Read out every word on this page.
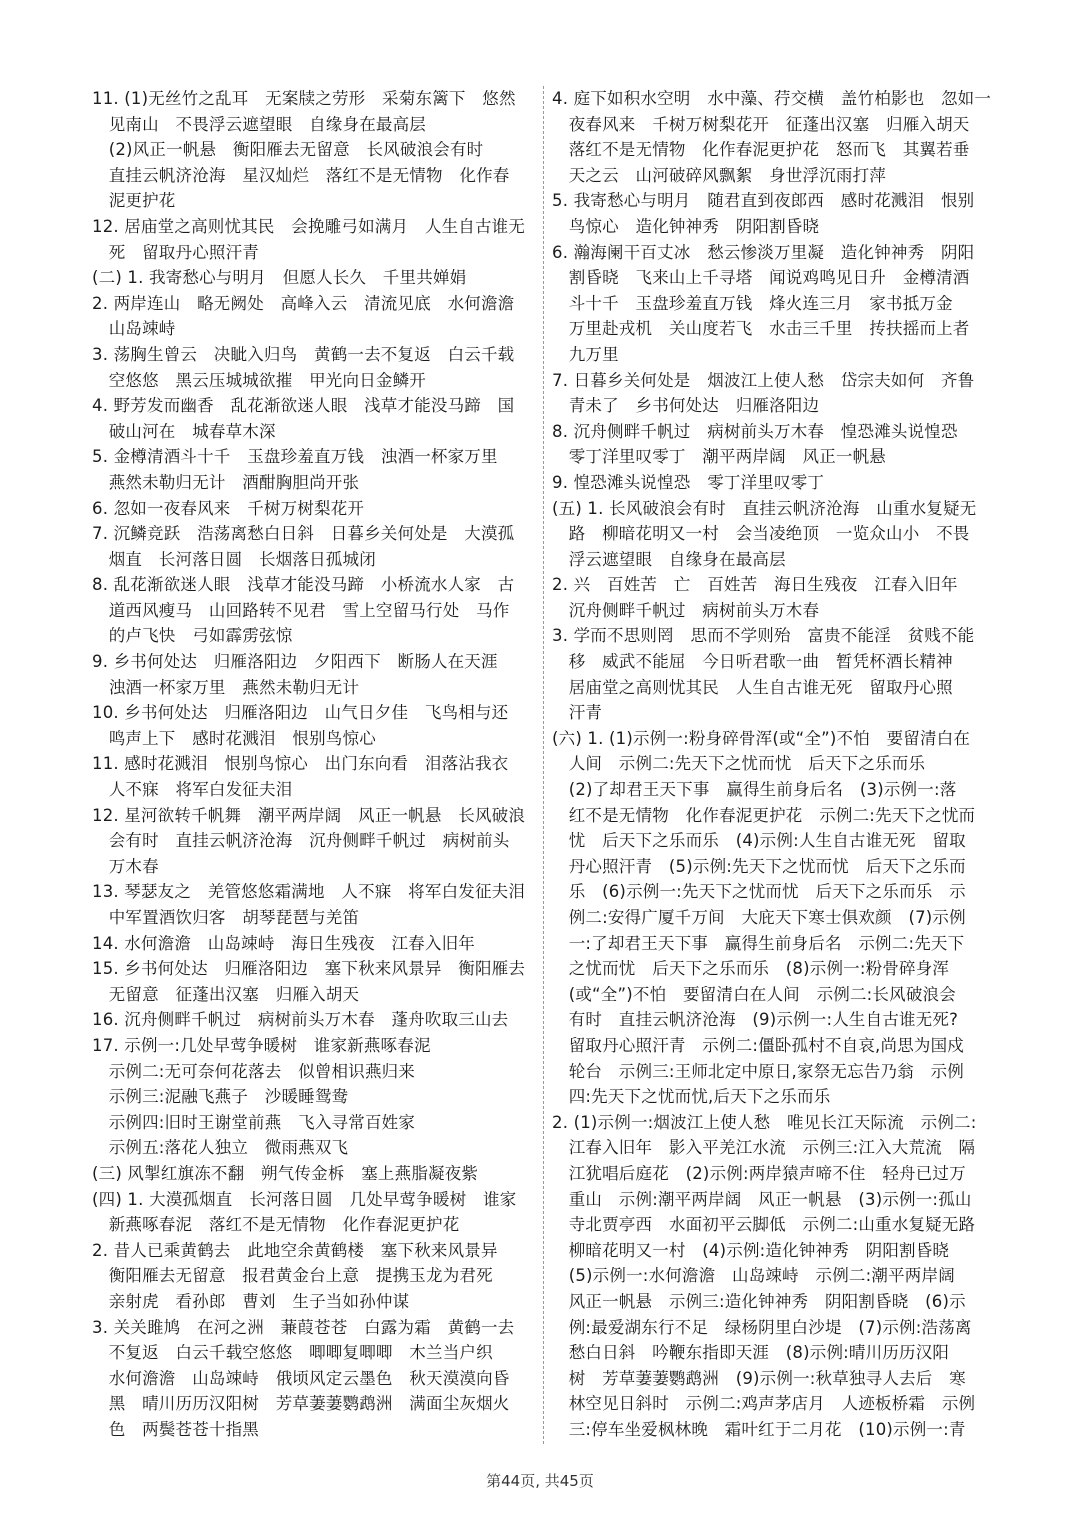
11. (1)无丝竹之乱耳　无案牍之劳形　采菊东篱下　悠然
　见南山　不畏浮云遮望眼　自缘身在最高层
　(2)风正一帆悬　衡阳雁去无留意　长风破浪会有时
　直挂云帆济沧海　星汉灿烂　落红不是无情物　化作春
　泥更护花
12. 居庙堂之高则忧其民　会挽雕弓如满月　人生自古谁无
　死　留取丹心照汗青
(二) 1. 我寄愁心与明月　但愿人长久　千里共婵娟
2. 两岸连山　略无阙处　高峰入云　清流见底　水何澹澹
　山岛竦峙
3. 荡胸生曾云　决眦入归鸟　黄鹤一去不复返　白云千载
　空悠悠　黑云压城城欲摧　甲光向日金鳞开
4. 野芳发而幽香　乱花渐欲迷人眼　浅草才能没马蹄　国
　破山河在　城春草木深
5. 金樽清酒斗十千　玉盘珍羞直万钱　浊酒一杯家万里
　燕然未勒归无计　酒酣胸胆尚开张
6. 忽如一夜春风来　千树万树梨花开
7. 沉鳞竞跃　浩荡离愁白日斜　日暮乡关何处是　大漠孤
　烟直　长河落日圆　长烟落日孤城闭
8. 乱花渐欲迷人眼　浅草才能没马蹄　小桥流水人家　古
　道西风瘦马　山回路转不见君　雪上空留马行处　马作
　的卢飞快　弓如霹雳弦惊
9. 乡书何处达　归雁洛阳边　夕阳西下　断肠人在天涯
　浊酒一杯家万里　燕然未勒归无计
10. 乡书何处达　归雁洛阳边　山气日夕佳　飞鸟相与还
　鸣声上下　感时花溅泪　恨别鸟惊心
11. 感时花溅泪　恨别鸟惊心　出门东向看　泪落沾我衣
　人不寐　将军白发征夫泪
12. 星河欲转千帆舞　潮平两岸阔　风正一帆悬　长风破浪
　会有时　直挂云帆济沧海　沉舟侧畔千帆过　病树前头
　万木春
13. 琴瑟友之　羌管悠悠霜满地　人不寐　将军白发征夫泪
　中军置酒饮归客　胡琴琵琶与羌笛
14. 水何澹澹　山岛竦峙　海日生残夜　江春入旧年
15. 乡书何处达　归雁洛阳边　塞下秋来风景异　衡阳雁去
　无留意　征蓬出汉塞　归雁入胡天
16. 沉舟侧畔千帆过　病树前头万木春　蓬舟吹取三山去
17. 示例一:几处早莺争暖树　谁家新燕啄春泥
　示例二:无可奈何花落去　似曾相识燕归来
　示例三:泥融飞燕子　沙暖睡鸳鸯
　示例四:旧时王谢堂前燕　飞入寻常百姓家
　示例五:落花人独立　微雨燕双飞
(三) 风掣红旗冻不翻　朔气传金柝　塞上燕脂凝夜紫
(四) 1. 大漠孤烟直　长河落日圆　几处早莺争暖树　谁家
　新燕啄春泥　落红不是无情物　化作春泥更护花
2. 昔人已乘黄鹤去　此地空余黄鹤楼　塞下秋来风景异
　衡阳雁去无留意　报君黄金台上意　提携玉龙为君死
　亲射虎　看孙郎　曹刘　生子当如孙仲谋
3. 关关雎鸠　在河之洲　蒹葭苍苍　白露为霜　黄鹤一去
　不复返　白云千载空悠悠　唧唧复唧唧　木兰当户织
　水何澹澹　山岛竦峙　俄顷风定云墨色　秋天漠漠向昏
　黑　晴川历历汉阳树　芳草萋萋鹦鹉洲　满面尘灰烟火
　色　两鬓苍苍十指黑
4. 庭下如积水空明　水中藻、荇交横　盖竹柏影也　忽如一
　夜春风来　千树万树梨花开　征蓬出汉塞　归雁入胡天
　落红不是无情物　化作春泥更护花　怒而飞　其翼若垂
　天之云　山河破碎风飘絮　身世浮沉雨打萍
5. 我寄愁心与明月　随君直到夜郎西　感时花溅泪　恨别
　鸟惊心　造化钟神秀　阴阳割昏晓
6. 瀚海阑干百丈冰　愁云惨淡万里凝　造化钟神秀　阴阳
　割昏晓　飞来山上千寻塔　闻说鸡鸣见日升　金樽清酒
　斗十千　玉盘珍羞直万钱　烽火连三月　家书抵万金
　万里赴戎机　关山度若飞　水击三千里　抟扶摇而上者
　九万里
7. 日暮乡关何处是　烟波江上使人愁　岱宗夫如何　齐鲁
　青未了　乡书何处达　归雁洛阳边
8. 沉舟侧畔千帆过　病树前头万木春　惶恐滩头说惶恐
　零丁洋里叹零丁　潮平两岸阔　风正一帆悬
9. 惶恐滩头说惶恐　零丁洋里叹零丁
(五) 1. 长风破浪会有时　直挂云帆济沧海　山重水复疑无
　路　柳暗花明又一村　会当凌绝顶　一览众山小　不畏
　浮云遮望眼　自缘身在最高层
2. 兴　百姓苦　亡　百姓苦　海日生残夜　江春入旧年
　沉舟侧畔千帆过　病树前头万木春
3. 学而不思则罔　思而不学则殆　富贵不能淫　贫贱不能
　移　威武不能屈　今日听君歌一曲　暂凭杯酒长精神
　居庙堂之高则忧其民　人生自古谁无死　留取丹心照
　汗青
(六) 1. (1)示例一:粉身碎骨浑(或“全”)不怕　要留清白在
　人间　示例二:先天下之忧而忧　后天下之乐而乐
　(2)了却君王天下事　赢得生前身后名　(3)示例一:落
　红不是无情物　化作春泥更护花　示例二:先天下之忧而
　忧　后天下之乐而乐　(4)示例:人生自古谁无死　留取
　丹心照汗青　(5)示例:先天下之忧而忧　后天下之乐而
　乐　(6)示例一:先天下之忧而忧　后天下之乐而乐　示
　例二:安得广厦千万间　大庇天下寒士俱欢颜　(7)示例
　一:了却君王天下事　赢得生前身后名　示例二:先天下
　之忧而忧　后天下之乐而乐　(8)示例一:粉骨碎身浑
　(或“全”)不怕　要留清白在人间　示例二:长风破浪会
　有时　直挂云帆济沧海　(9)示例一:人生自古谁无死?
　留取丹心照汗青　示例二:僵卧孤村不自哀,尚思为国戍
　轮台　示例三:王师北定中原日,家祭无忘告乃翁　示例
　四:先天下之忧而忧,后天下之乐而乐
2. (1)示例一:烟波江上使人愁　唯见长江天际流　示例二:
　江春入旧年　影入平羌江水流　示例三:江入大荒流　隔
　江犹唱后庭花　(2)示例:两岸猿声啼不住　轻舟已过万
　重山　示例:潮平两岸阔　风正一帆悬　(3)示例一:孤山
　寺北贾亭西　水面初平云脚低　示例二:山重水复疑无路
　柳暗花明又一村　(4)示例:造化钟神秀　阴阳割昏晓
　(5)示例一:水何澹澹　山岛竦峙　示例二:潮平两岸阔
　风正一帆悬　示例三:造化钟神秀　阴阳割昏晓　(6)示
　例:最爱湖东行不足　绿杨阴里白沙堤　(7)示例:浩荡离
　愁白日斜　吟鞭东指即天涯　(8)示例:晴川历历汉阳
　树　芳草萋萋鹦鹉洲　(9)示例一:秋草独寻人去后　寒
　林空见日斜时　示例二:鸡声茅店月　人迹板桥霜　示例
　三:停车坐爱枫林晚　霜叶红于二月花　(10)示例一:青
第44页, 共45页
